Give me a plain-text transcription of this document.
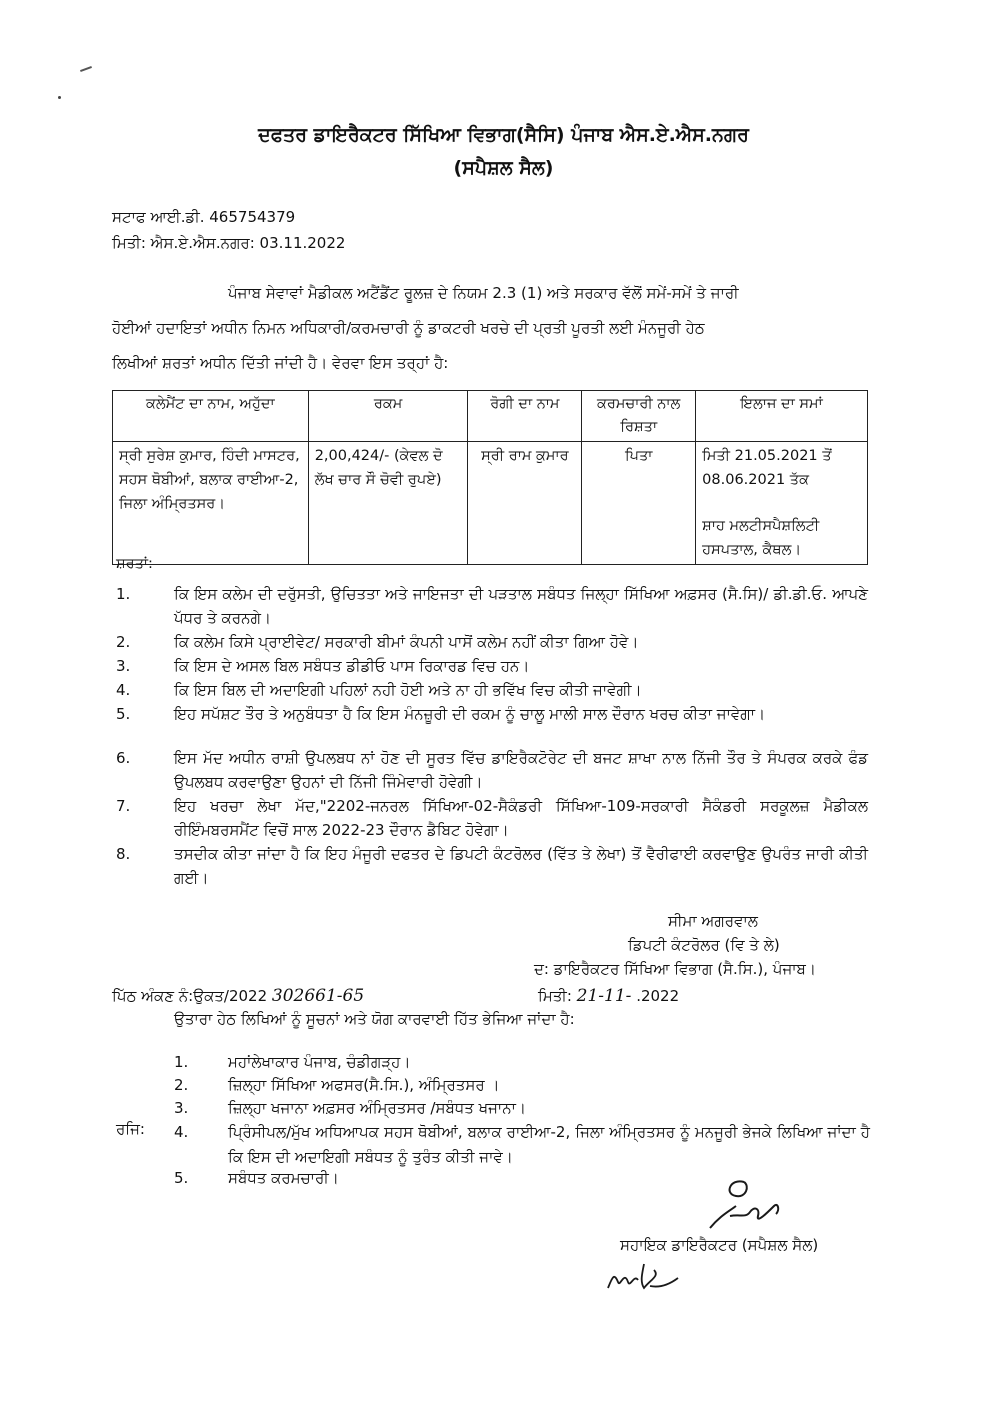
ਦਫਤਰ ਡਾਇਰੈਕਟਰ ਸਿੱਖਿਆ ਵਿਭਾਗ(ਸੈਸਿ) ਪੰਜਾਬ ਐਸ.ਏ.ਐਸ.ਨਗਰ
(ਸਪੈਸ਼ਲ ਸੈਲ)
ਸਟਾਫ ਆਈ.ਡੀ. 465754379
ਮਿਤੀ: ਐਸ.ਏ.ਐਸ.ਨਗਰ: 03.11.2022
ਪੰਜਾਬ ਸੇਵਾਵਾਂ ਮੈਡੀਕਲ ਅਟੈਂਡੈਂਟ ਰੂਲਜ਼ ਦੇ ਨਿਯਮ 2.3 (1) ਅਤੇ ਸਰਕਾਰ ਵੱਲੋਂ ਸਮੇਂ-ਸਮੇਂ ਤੇ ਜਾਰੀ
ਹੋਈਆਂ ਹਦਾਇਤਾਂ ਅਧੀਨ ਨਿਮਨ ਅਧਿਕਾਰੀ/ਕਰਮਚਾਰੀ ਨੂੰ ਡਾਕਟਰੀ ਖਰਚੇ ਦੀ ਪ੍ਰਤੀ ਪੂਰਤੀ ਲਈ ਮੰਨਜੂਰੀ ਹੇਠ
ਲਿਖੀਆਂ ਸ਼ਰਤਾਂ ਅਧੀਨ ਦਿੱਤੀ ਜਾਂਦੀ ਹੈ। ਵੇਰਵਾ ਇਸ ਤਰ੍ਹਾਂ ਹੈ:
ਕਲੇਮੈਂਟ ਦਾ ਨਾਮ, ਅਹੁੱਦਾ	ਰਕਮ	ਰੋਗੀ ਦਾ ਨਾਮ	ਕਰਮਚਾਰੀ ਨਾਲ ਰਿਸ਼ਤਾ	ਇਲਾਜ ਦਾ ਸਮਾਂ
ਸ੍ਰੀ ਸੁਰੇਸ਼ ਕੁਮਾਰ, ਹਿੰਦੀ ਮਾਸਟਰ, ਸਹਸ ਥੋਬੀਆਂ, ਬਲਾਕ ਰਾਈਆ-2, ਜਿਲਾ ਅੰਮ੍ਰਿਤਸਰ।	2,00,424/- (ਕੇਵਲ ਦੋ ਲੱਖ ਚਾਰ ਸੌ ਚੋਵੀ ਰੁਪਏ)	ਸ੍ਰੀ ਰਾਮ ਕੁਮਾਰ	ਪਿਤਾ	ਮਿਤੀ 21.05.2021 ਤੋਂ 08.06.2021 ਤੱਕ
ਸ਼ਾਹ ਮਲਟੀਸਪੈਸ਼ਲਿਟੀ ਹਸਪਤਾਲ, ਕੈਥਲ।
ਸ਼ਰਤਾਂ:
1.	ਕਿ ਇਸ ਕਲੇਮ ਦੀ ਦਰੁੱਸਤੀ, ਉਚਿਤਤਾ ਅਤੇ ਜਾਇਜਤਾ ਦੀ ਪੜਤਾਲ ਸਬੰਧਤ ਜਿਲ੍ਹਾ ਸਿੱਖਿਆ ਅਫ਼ਸਰ (ਸੈ.ਸਿ)/ ਡੀ.ਡੀ.ਓ. ਆਪਣੇ ਪੱਧਰ ਤੇ ਕਰਨਗੇ।
2.	ਕਿ ਕਲੇਮ ਕਿਸੇ ਪ੍ਰਾਈਵੇਟ/ ਸਰਕਾਰੀ ਬੀਮਾਂ ਕੰਪਨੀ ਪਾਸੋਂ ਕਲੇਮ ਨਹੀਂ ਕੀਤਾ ਗਿਆ ਹੋਵੇ।
3.	ਕਿ ਇਸ ਦੇ ਅਸਲ ਬਿਲ ਸਬੰਧਤ ਡੀਡੀਓ ਪਾਸ ਰਿਕਾਰਡ ਵਿਚ ਹਨ।
4.	ਕਿ ਇਸ ਬਿਲ ਦੀ ਅਦਾਇਗੀ ਪਹਿਲਾਂ ਨਹੀ ਹੋਈ ਅਤੇ ਨਾ ਹੀ ਭਵਿੱਖ ਵਿਚ ਕੀਤੀ ਜਾਵੇਗੀ।
5.	ਇਹ ਸਪੱਸ਼ਟ ਤੌਰ ਤੇ ਅਨੁਬੰਧਤਾ ਹੈ ਕਿ ਇਸ ਮੰਨਜ਼ੂਰੀ ਦੀ ਰਕਮ ਨੂੰ ਚਾਲੂ ਮਾਲੀ ਸਾਲ ਦੌਰਾਨ ਖਰਚ ਕੀਤਾ ਜਾਵੇਗਾ।
6.	ਇਸ ਮੱਦ ਅਧੀਨ ਰਾਸ਼ੀ ਉਪਲਬਧ ਨਾਂ ਹੋਣ ਦੀ ਸੂਰਤ ਵਿੱਚ ਡਾਇਰੈਕਟੋਰੇਟ ਦੀ ਬਜਟ ਸ਼ਾਖਾ ਨਾਲ ਨਿੱਜੀ ਤੌਰ ਤੇ ਸੰਪਰਕ ਕਰਕੇ ਫੰਡ ਉਪਲਬਧ ਕਰਵਾਉਣਾ ਉਹਨਾਂ ਦੀ ਨਿੱਜੀ ਜਿੰਮੇਵਾਰੀ ਹੋਵੇਗੀ।
7.	ਇਹ ਖਰਚਾ ਲੇਖਾ ਮੱਦ,"2202-ਜਨਰਲ ਸਿੱਖਿਆ-02-ਸੈਕੰਡਰੀ ਸਿੱਖਿਆ-109-ਸਰਕਾਰੀ ਸੈਕੰਡਰੀ ਸਰਕੂਲਜ਼ ਮੈਡੀਕਲ ਰੀਇੰਮਬਰਸਮੈਂਟ ਵਿਚੋਂ ਸਾਲ 2022-23 ਦੌਰਾਨ ਡੈਬਿਟ ਹੋਵੇਗਾ।
8.	ਤਸਦੀਕ ਕੀਤਾ ਜਾਂਦਾ ਹੈ ਕਿ ਇਹ ਮੰਜੂਰੀ ਦਫਤਰ ਦੇ ਡਿਪਟੀ ਕੰਟਰੋਲਰ (ਵਿੱਤ ਤੇ ਲੇਖਾ) ਤੋਂ ਵੈਰੀਫਾਈ ਕਰਵਾਉਣ ਉਪਰੰਤ ਜਾਰੀ ਕੀਤੀ ਗਈ।
ਸੀਮਾ ਅਗਰਵਾਲ
ਡਿਪਟੀ ਕੰਟਰੋਲਰ (ਵਿ ਤੇ ਲੇ)
ਦ: ਡਾਇਰੈਕਟਰ ਸਿੱਖਿਆ ਵਿਭਾਗ (ਸੈ.ਸਿ.), ਪੰਜਾਬ।
ਪਿੱਠ ਅੰਕਣ ਨੰ:ਉਕਤ/2022 302661-65	ਮਿਤੀ: 21-11- .2022
ਉਤਾਰਾ ਹੇਠ ਲਿਖਿਆਂ ਨੂੰ ਸੂਚਨਾਂ ਅਤੇ ਯੋਗ ਕਾਰਵਾਈ ਹਿੱਤ ਭੇਜਿਆ ਜਾਂਦਾ ਹੈ:
1.	ਮਹਾਂਲੇਖਾਕਾਰ ਪੰਜਾਬ, ਚੰਡੀਗੜ੍ਹ।
2.	ਜ਼ਿਲ੍ਹਾ ਸਿੱਖਿਆ ਅਫਸਰ(ਸੈ.ਸਿ.), ਅੰਮ੍ਰਿਤਸਰ ।
3.	ਜ਼ਿਲ੍ਹਾ ਖਜਾਨਾ ਅਫ਼ਸਰ ਅੰਮ੍ਰਿਤਸਰ /ਸਬੰਧਤ ਖਜਾਨਾ।
ਰਜਿ: 4.	ਪ੍ਰਿੰਸੀਪਲ/ਮੁੱਖ ਅਧਿਆਪਕ ਸਹਸ ਥੋਬੀਆਂ, ਬਲਾਕ ਰਾਈਆ-2, ਜਿਲਾ ਅੰਮ੍ਰਿਤਸਰ ਨੂੰ ਮਨਜੂਰੀ ਭੇਜਕੇ ਲਿਖਿਆ ਜਾਂਦਾ ਹੈ ਕਿ ਇਸ ਦੀ ਅਦਾਇਗੀ ਸਬੰਧਤ ਨੂੰ ਤੁਰੰਤ ਕੀਤੀ ਜਾਵੇ।
5.	ਸਬੰਧਤ ਕਰਮਚਾਰੀ।
ਸਹਾਇਕ ਡਾਇਰੈਕਟਰ (ਸਪੈਸ਼ਲ ਸੈਲ)
